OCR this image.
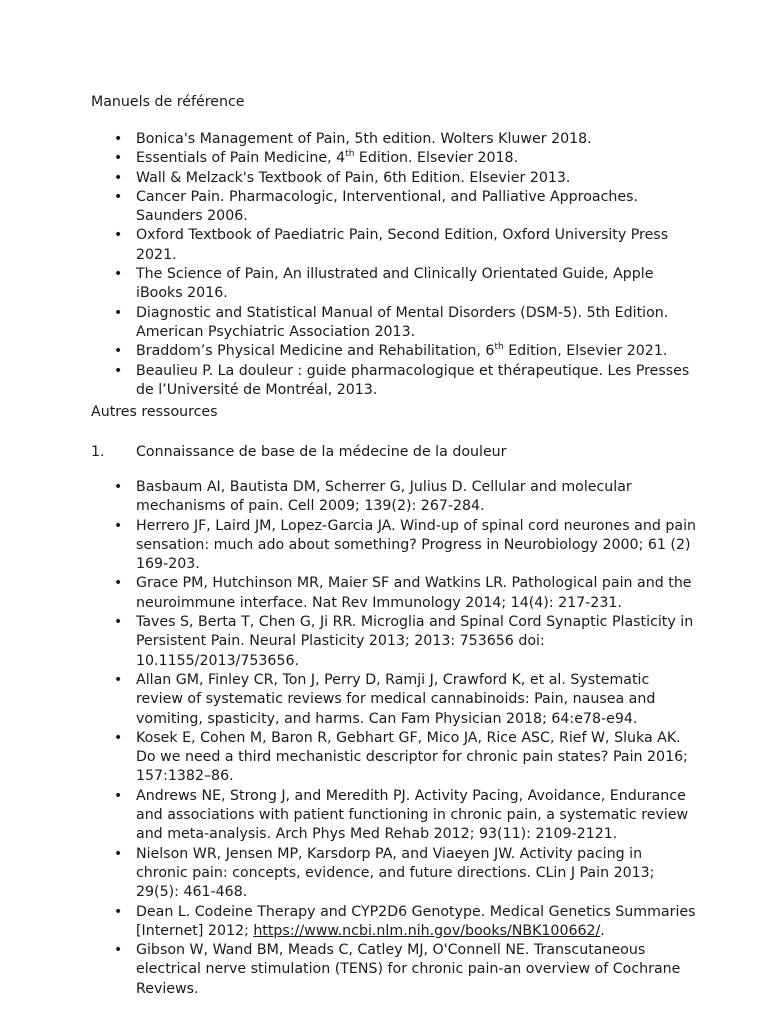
Manuels de référence
• Bonica's Management of Pain, 5th edition. Wolters Kluwer 2018.
• Essentials of Pain Medicine, 4th Edition. Elsevier 2018.
• Wall & Melzack's Textbook of Pain, 6th Edition. Elsevier 2013.
• Cancer Pain. Pharmacologic, Interventional, and Palliative Approaches. Saunders 2006.
• Oxford Textbook of Paediatric Pain, Second Edition, Oxford University Press 2021.
• The Science of Pain, An illustrated and Clinically Orientated Guide, Apple iBooks 2016.
• Diagnostic and Statistical Manual of Mental Disorders (DSM-5). 5th Edition. American Psychiatric Association 2013.
• Braddom’s Physical Medicine and Rehabilitation, 6th Edition, Elsevier 2021.
• Beaulieu P. La douleur : guide pharmacologique et thérapeutique. Les Presses de l’Université de Montréal, 2013.
Autres ressources
1. Connaissance de base de la médecine de la douleur
• Basbaum AI, Bautista DM, Scherrer G, Julius D. Cellular and molecular mechanisms of pain. Cell 2009; 139(2): 267-284.
• Herrero JF, Laird JM, Lopez-Garcia JA. Wind-up of spinal cord neurones and pain sensation: much ado about something? Progress in Neurobiology 2000; 61 (2) 169-203.
• Grace PM, Hutchinson MR, Maier SF and Watkins LR. Pathological pain and the neuroimmune interface. Nat Rev Immunology 2014; 14(4): 217-231.
• Taves S, Berta T, Chen G, Ji RR. Microglia and Spinal Cord Synaptic Plasticity in Persistent Pain. Neural Plasticity 2013; 2013: 753656 doi: 10.1155/2013/753656.
• Allan GM, Finley CR, Ton J, Perry D, Ramji J, Crawford K, et al. Systematic review of systematic reviews for medical cannabinoids: Pain, nausea and vomiting, spasticity, and harms. Can Fam Physician 2018; 64:e78-e94.
• Kosek E, Cohen M, Baron R, Gebhart GF, Mico JA, Rice ASC, Rief W, Sluka AK. Do we need a third mechanistic descriptor for chronic pain states? Pain 2016; 157:1382–86.
• Andrews NE, Strong J, and Meredith PJ. Activity Pacing, Avoidance, Endurance and associations with patient functioning in chronic pain, a systematic review and meta-analysis. Arch Phys Med Rehab 2012; 93(11): 2109-2121.
• Nielson WR, Jensen MP, Karsdorp PA, and Viaeyen JW. Activity pacing in chronic pain: concepts, evidence, and future directions. CLin J Pain 2013; 29(5): 461-468.
• Dean L. Codeine Therapy and CYP2D6 Genotype. Medical Genetics Summaries [Internet] 2012; https://www.ncbi.nlm.nih.gov/books/NBK100662/.
• Gibson W, Wand BM, Meads C, Catley MJ, O'Connell NE. Transcutaneous electrical nerve stimulation (TENS) for chronic pain-an overview of Cochrane Reviews.
